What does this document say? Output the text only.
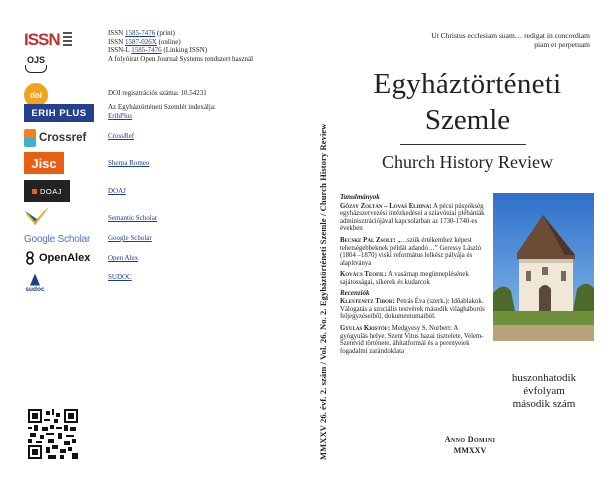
ISSN
OJS
ISSN 1585-7476 (print)
ISSN 1587-026X (online)
ISSN-L 1585-7476 (Linking ISSN)
A folyóirat Open Journal Systems rendszert használ
doi	DOI regisztrációs száma: 10.54231
ERIH PLUS
Az Egyháztörténeti Szemlét indexálja:
ErihPlus
Crossref	CrossRef
Jisc	Sherpa Romeo
DOAJ	DOAJ
Semantic Scholar
Google Scholar	Google Scholar
OpenAlex	Open Alex
sudoc
SUDOC	MMXXV 26. évf. 2. szám / Vol. 26. No. 2. Egyháztörténeti Szemle / Church History Review
Ut Christus ecclesiam suam… redigat in concordiam piam et perpetuam
Egyháztörténeti
Szemle
Church History Review
Tanulmányok
Gőzsy Zoltán – Lovaš Eldina: A pécsi püspökség egyházszervezési intézkedései a szlavóniai plébániák adminisztrációjával kapcsolatban az 1730-1740-es években
Becske Pál Zsolt: „…szük értékemhez képest tehetségebbeknek példát adandó…” Geressy László (1804 –1870) viski református lelkész pályája és alapítványa
Kovács Teofil: A vasárnap megünneplésének sajátosságai, síkerek és kudarcok
Recenziók
Klestenitz Tibor: Petrás Éva (szerk.): Időablakok. Válogatás a szociális testvérek második világháborús feljegyzéseiből, dokumentumaiból.
Gyulás Kristóf: Medgyesy S. Norbert: A gyógyulás helye. Szent Vitus hazai tisztelete, Velem-Szentvid története, áhítatformái és a perenyeiek fogadalmi zarándoklata
huszonhatodik
évfolyam
második szám
Anno Domini
MMXXV
